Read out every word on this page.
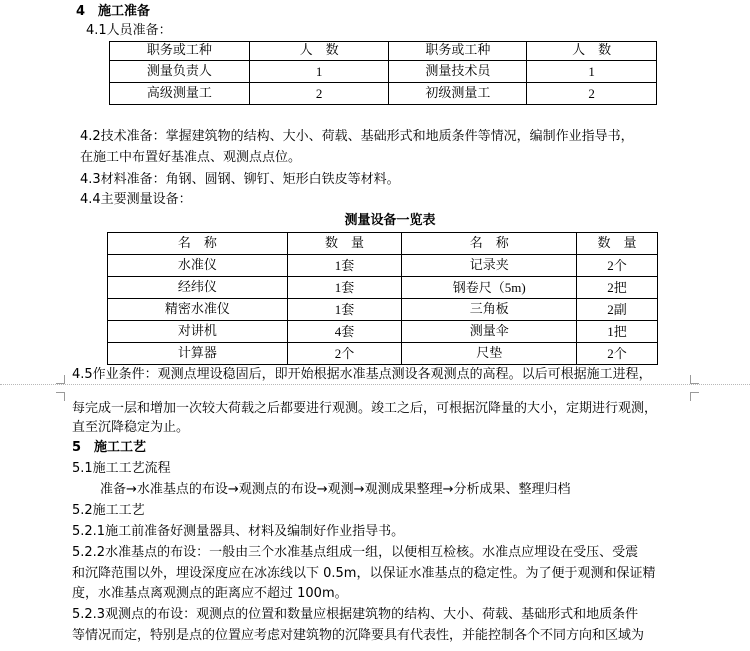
4　施工准备
4.1人员准备：
职务或工种	人　数	职务或工种	人　数
测量负责人	1	测量技术员	1
高级测量工	2	初级测量工	2
4.2技术准备：掌握建筑物的结构、大小、荷载、基础形式和地质条件等情况，编制作业指导书，
在施工中布置好基准点、观测点点位。
4.3材料准备：角钢、圆钢、铆钉、矩形白铁皮等材料。
4.4主要测量设备：
测量设备一览表
名　称	数　量	名　称	数　量
水准仪	1套	记录夹	2个
经纬仪	1套	钢卷尺（5m)	2把
精密水准仪	1套	三角板	2副
对讲机	4套	测量伞	1把
计算器	2个	尺垫	2个
4.5作业条件：观测点埋设稳固后，即开始根据水准基点测设各观测点的高程。以后可根据施工进程，
每完成一层和增加一次较大荷载之后都要进行观测。竣工之后，可根据沉降量的大小，定期进行观测，
直至沉降稳定为止。
5　施工工艺
5.1施工工艺流程
准备→水准基点的布设→观测点的布设→观测→观测成果整理→分析成果、整理归档
5.2施工工艺
5.2.1施工前准备好测量器具、材料及编制好作业指导书。
5.2.2水准基点的布设：一般由三个水准基点组成一组，以便相互检核。水准点应埋设在受压、受震
和沉降范围以外，埋设深度应在冰冻线以下 0.5m，以保证水准基点的稳定性。为了便于观测和保证精
度，水准基点离观测点的距离应不超过 100m。
5.2.3观测点的布设：观测点的位置和数量应根据建筑物的结构、大小、荷载、基础形式和地质条件
等情况而定，特别是点的位置应考虑对建筑物的沉降要具有代表性，并能控制各个不同方向和区域为
